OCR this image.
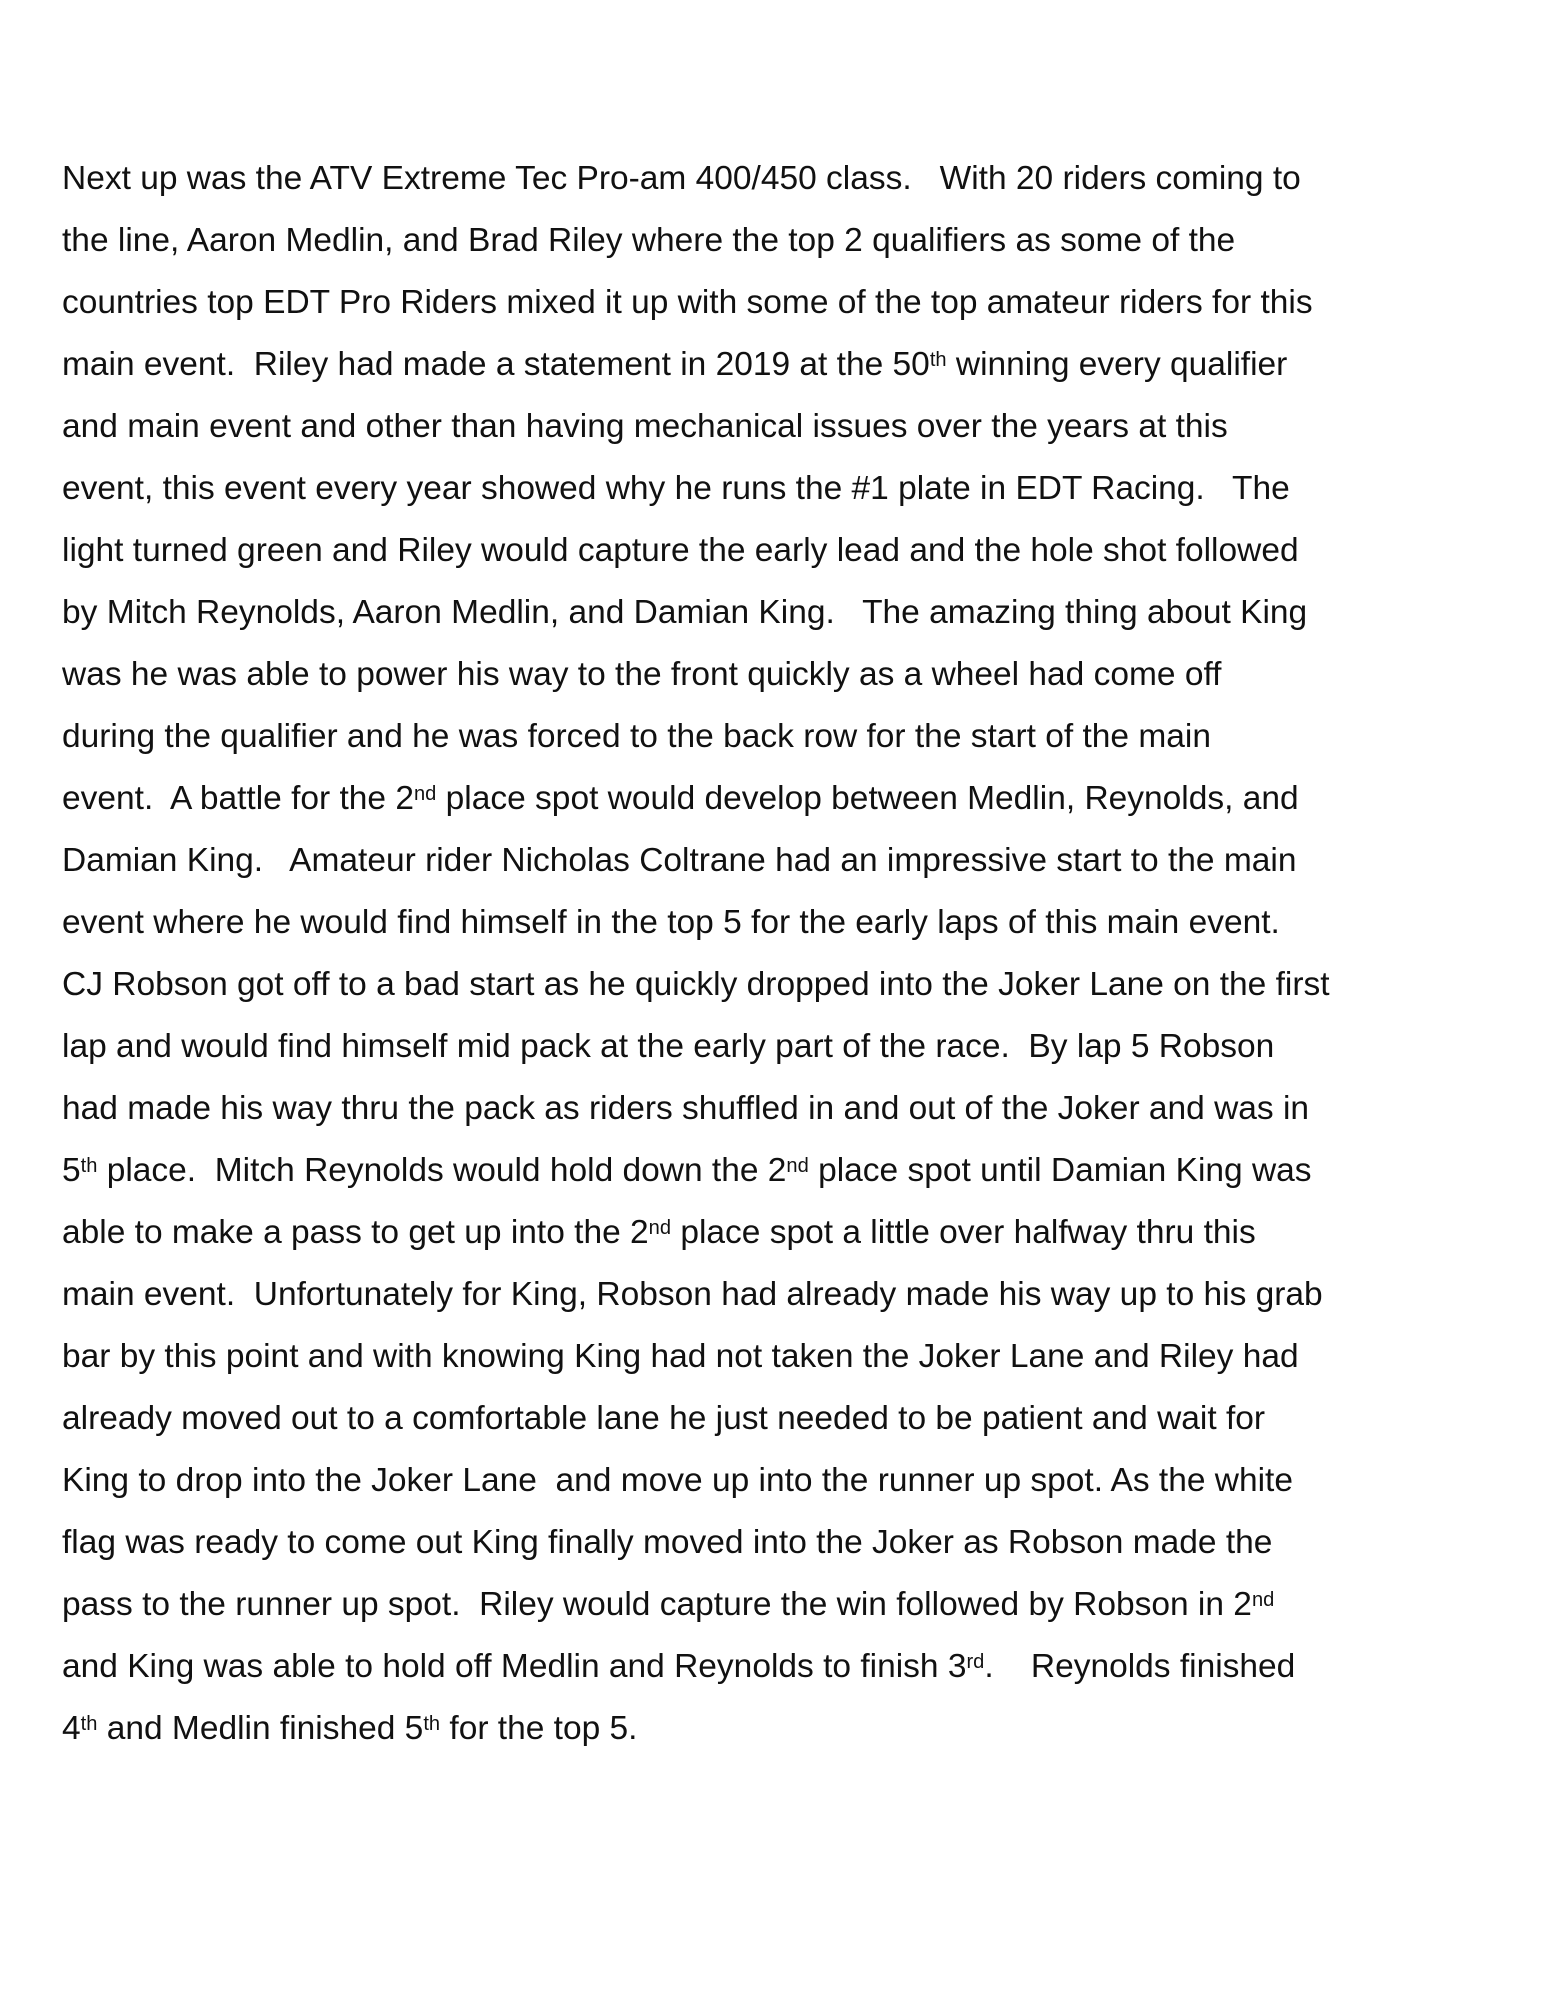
Next up was the ATV Extreme Tec Pro-am 400/450 class.   With 20 riders coming to
the line, Aaron Medlin, and Brad Riley where the top 2 qualifiers as some of the
countries top EDT Pro Riders mixed it up with some of the top amateur riders for this
main event.  Riley had made a statement in 2019 at the 50th winning every qualifier
and main event and other than having mechanical issues over the years at this
event, this event every year showed why he runs the #1 plate in EDT Racing.   The
light turned green and Riley would capture the early lead and the hole shot followed
by Mitch Reynolds, Aaron Medlin, and Damian King.   The amazing thing about King
was he was able to power his way to the front quickly as a wheel had come off
during the qualifier and he was forced to the back row for the start of the main
event.  A battle for the 2nd place spot would develop between Medlin, Reynolds, and
Damian King.   Amateur rider Nicholas Coltrane had an impressive start to the main
event where he would find himself in the top 5 for the early laps of this main event.
CJ Robson got off to a bad start as he quickly dropped into the Joker Lane on the first
lap and would find himself mid pack at the early part of the race.  By lap 5 Robson
had made his way thru the pack as riders shuffled in and out of the Joker and was in
5th place.  Mitch Reynolds would hold down the 2nd place spot until Damian King was
able to make a pass to get up into the 2nd place spot a little over halfway thru this
main event.  Unfortunately for King, Robson had already made his way up to his grab
bar by this point and with knowing King had not taken the Joker Lane and Riley had
already moved out to a comfortable lane he just needed to be patient and wait for
King to drop into the Joker Lane  and move up into the runner up spot. As the white
flag was ready to come out King finally moved into the Joker as Robson made the
pass to the runner up spot.  Riley would capture the win followed by Robson in 2nd
and King was able to hold off Medlin and Reynolds to finish 3rd.    Reynolds finished
4th and Medlin finished 5th for the top 5.
